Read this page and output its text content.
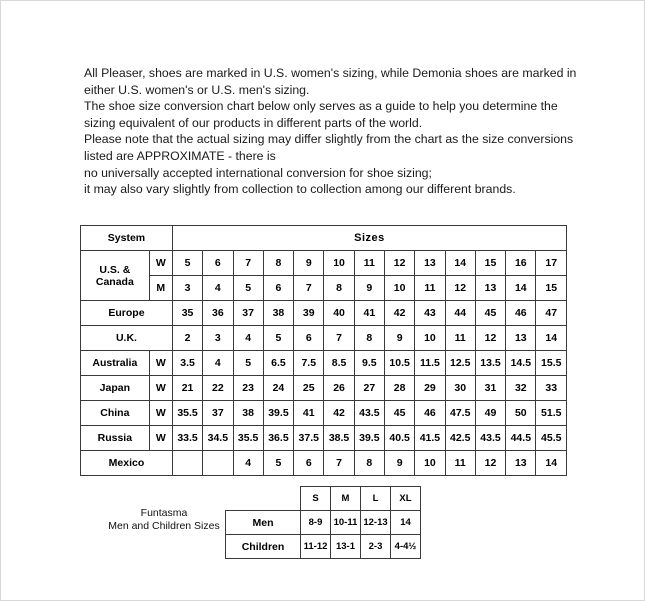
All Pleaser, shoes are marked in U.S. women's sizing, while Demonia shoes are marked in either U.S. women's or U.S. men's sizing.

The shoe size conversion chart below only serves as a guide to help you determine the sizing equivalent of our products in different parts of the world.

Please note that the actual sizing may differ slightly from the chart as the size conversions listed are APPROXIMATE - there is

no universally accepted international conversion for shoe sizing;

it may also vary slightly from collection to collection among our different brands.

System		Sizes												
U.S. &
Canada	W	5	6	7	8	9	10	11	12	13	14	15	16	17
	M	3	4	5	6	7	8	9	10	11	12	13	14	15
Europe		35	36	37	38	39	40	41	42	43	44	45	46	47
U.K.		2	3	4	5	6	7	8	9	10	11	12	13	14
Australia	W	3.5	4	5	6.5	7.5	8.5	9.5	10.5	11.5	12.5	13.5	14.5	15.5
Japan	W	21	22	23	24	25	26	27	28	29	30	31	32	33
China	W	35.5	37	38	39.5	41	42	43.5	45	46	47.5	49	50	51.5
Russia	W	33.5	34.5	35.5	36.5	37.5	38.5	39.5	40.5	41.5	42.5	43.5	44.5	45.5
Mexico				4	5	6	7	8	9	10	11	12	13	14
Funtasma
Men and Children Sizes
	S	M	L	XL
Men	8-9	10-11	12-13	14
Children	11-12	13-1	2-3	4-4½
